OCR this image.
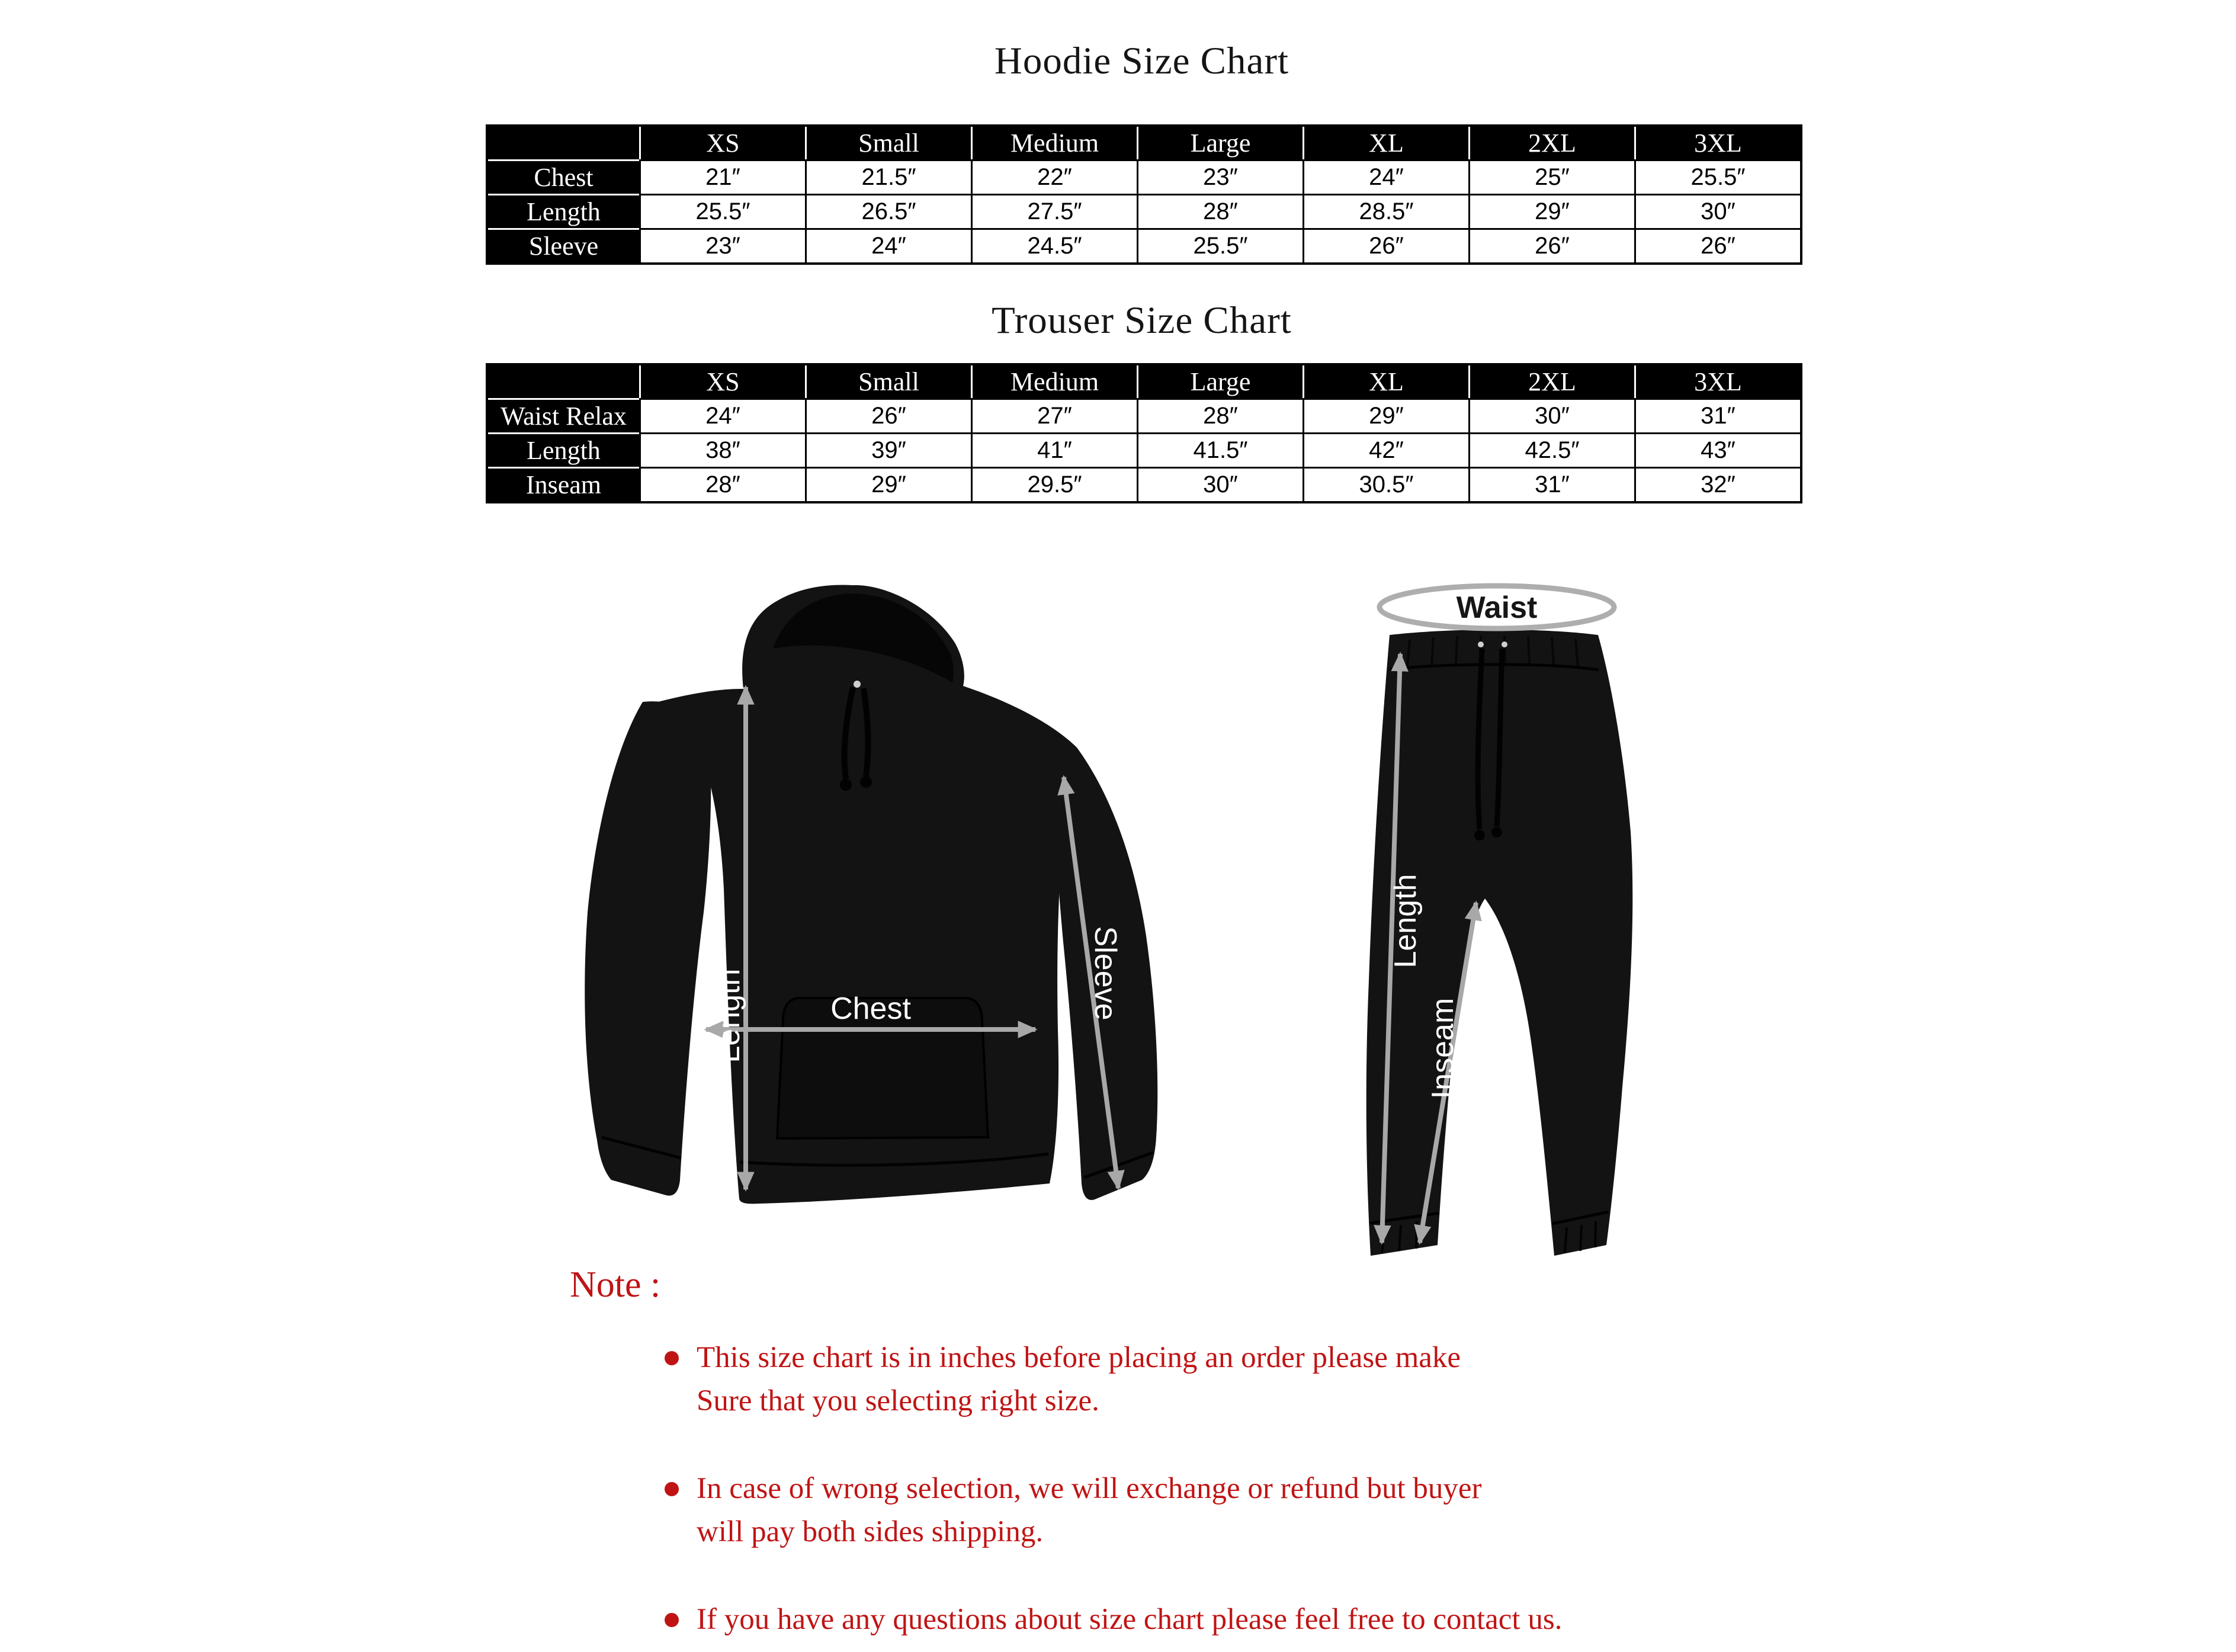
Hoodie Size Chart
	XS	Small	Medium	Large	XL	2XL	3XL
Chest	21″	21.5″	22″	23″	24″	25″	25.5″
Length	25.5″	26.5″	27.5″	28″	28.5″	29″	30″
Sleeve	23″	24″	24.5″	25.5″	26″	26″	26″
Trouser Size Chart
	XS	Small	Medium	Large	XL	2XL	3XL
Waist Relax	24″	26″	27″	28″	29″	30″	31″
Length	38″	39″	41″	41.5″	42″	42.5″	43″
Inseam	28″	29″	29.5″	30″	30.5″	31″	32″
Chest
Length	Sleeve
Waist
Length
Inseam
Note :
This size chart is in inches before placing an order please make
Sure that you selecting right size.
In case of wrong selection, we will exchange or refund but buyer
will pay both sides shipping.
If you have any questions about size chart please feel free to contact us.
